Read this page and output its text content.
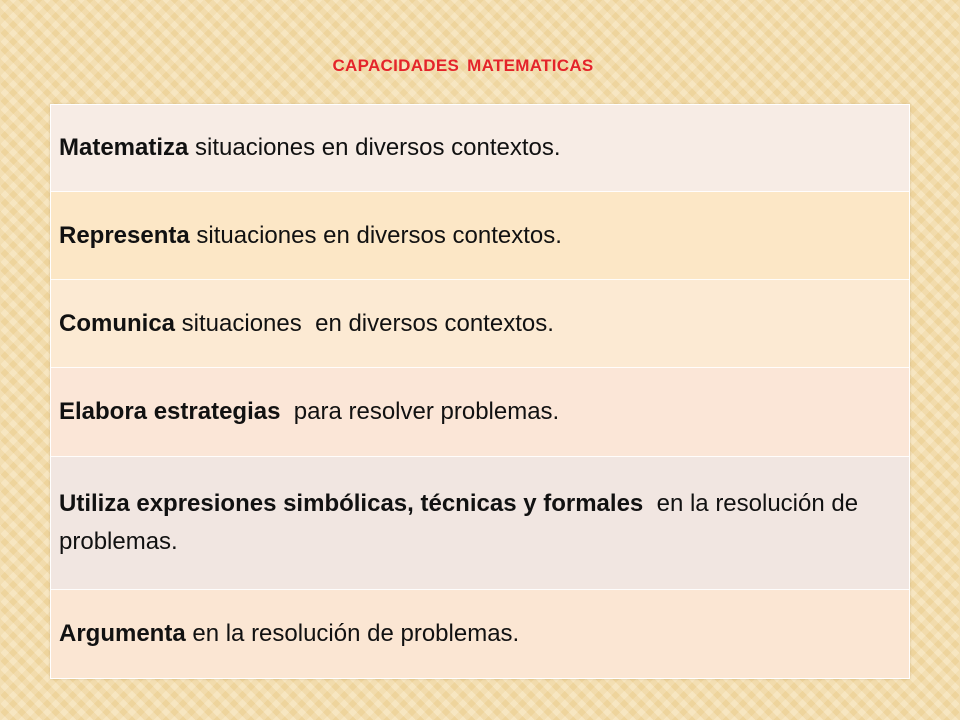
CAPACIDADES MATEMATICAS
Matematiza situaciones en diversos contextos.
Representa situaciones en diversos contextos.
Comunica situaciones  en diversos contextos.
Elabora estrategias  para resolver problemas.
Utiliza expresiones simbólicas, técnicas y formales  en la resolución de problemas.
Argumenta en la resolución de problemas.
